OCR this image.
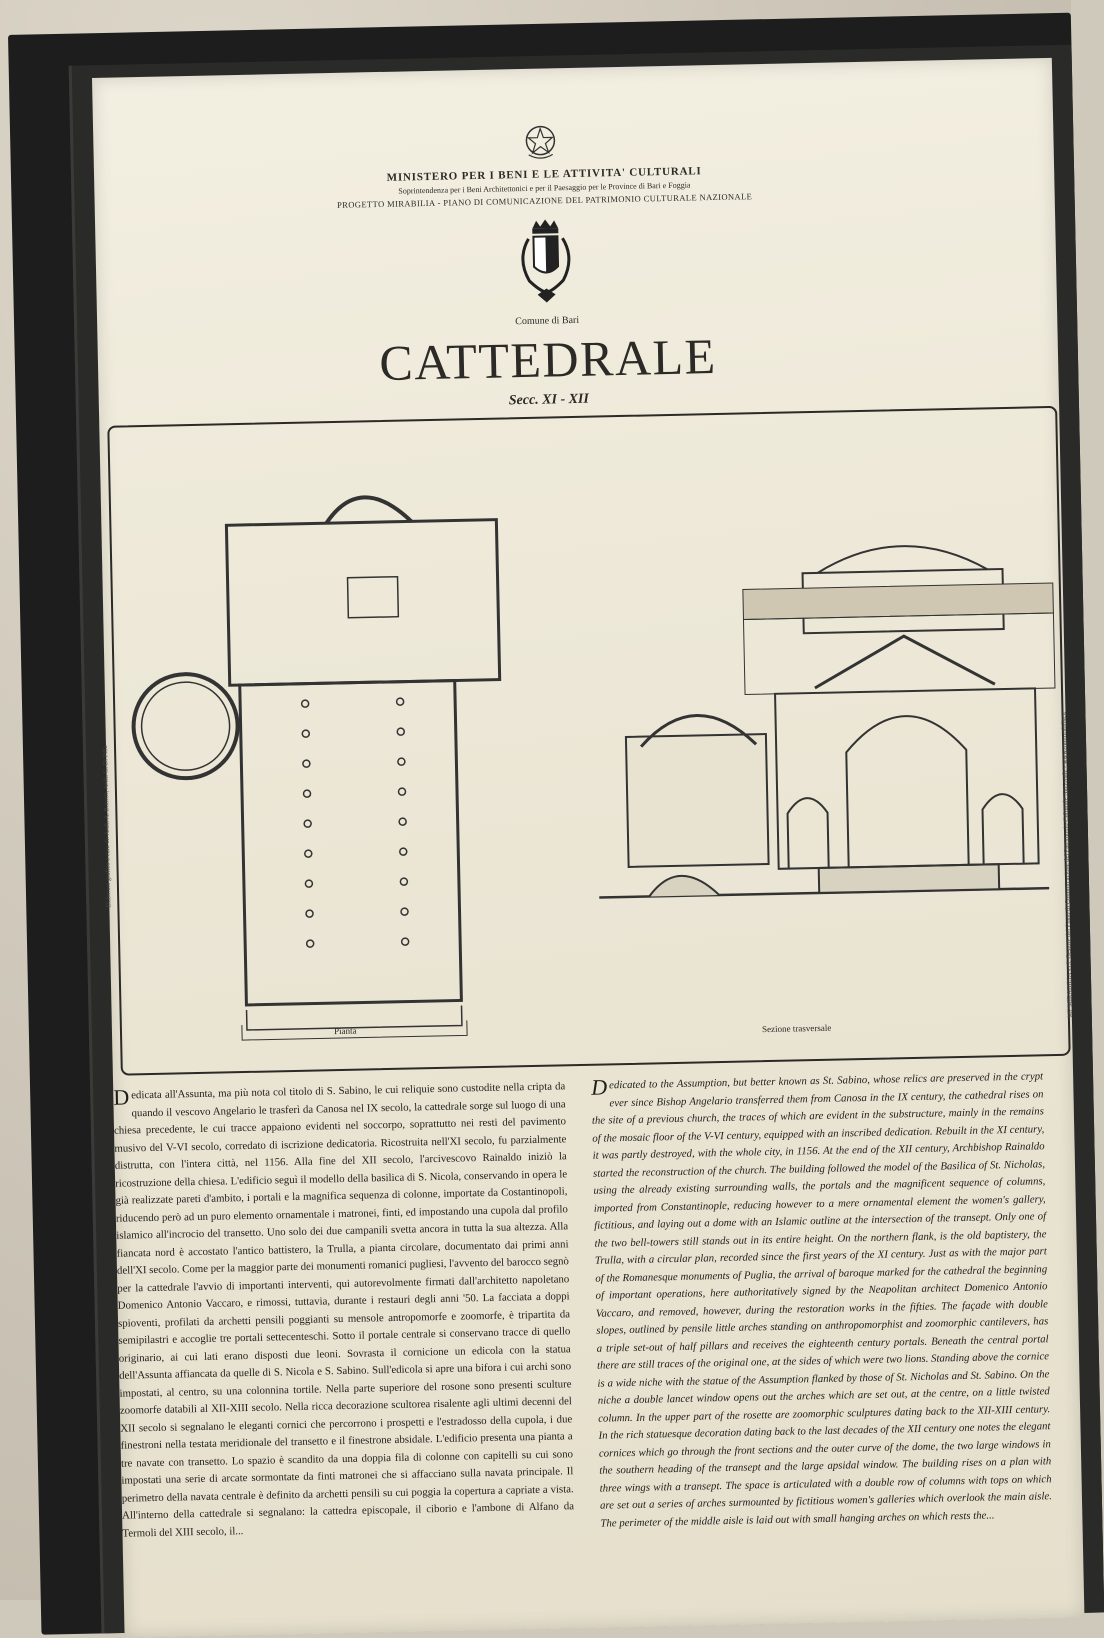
MINISTERO PER I BENI E LE ATTIVITA' CULTURALI
Soprintendenza per i Beni Architettonici e per il Paesaggio per le Province di Bari e Foggia
PROGETTO MIRABILIA - PIANO DI COMUNICAZIONE DEL PATRIMONIO CULTURALE NAZIONALE
Comune di Bari
CATTEDRALE
Secc. XI - XII
Pianta	Sezione trasversale
Elaborato grafico a cura di: Arch. A. Bonetti, Arch. G. Di Pilla	MP MIRABILIA s.r.l. Gestore del Piano di Comunicazione del Patrimonio Culturale Nazionale - www.mpmirabilia.it

Dedicata all'Assunta, ma più nota col titolo di S. Sabino, le cui reliquie sono custodite nella cripta da quando il vescovo Angelario le trasferì da Canosa nel IX secolo, la cattedrale sorge sul luogo di una chiesa precedente, le cui tracce appaiono evidenti nel soccorpo, soprattutto nei resti del pavimento musivo del V-VI secolo, corredato di iscrizione dedicatoria. Ricostruita nell'XI secolo, fu parzialmente distrutta, con l'intera città, nel 1156. Alla fine del XII secolo, l'arcivescovo Rainaldo iniziò la ricostruzione della chiesa. L'edificio seguì il modello della basilica di S. Nicola, conservando in opera le già realizzate pareti d'ambito, i portali e la magnifica sequenza di colonne, importate da Costantinopoli, riducendo però ad un puro elemento ornamentale i matronei, finti, ed impostando una cupola dal profilo islamico all'incrocio del transetto. Uno solo dei due campanili svetta ancora in tutta la sua altezza. Alla fiancata nord è accostato l'antico battistero, la Trulla, a pianta circolare, documentato dai primi anni dell'XI secolo. Come per la maggior parte dei monumenti romanici pugliesi, l'avvento del barocco segnò per la cattedrale l'avvio di importanti interventi, qui autorevolmente firmati dall'architetto napoletano Domenico Antonio Vaccaro, e rimossi, tuttavia, durante i restauri degli anni '50. La facciata a doppi spioventi, profilati da archetti pensili poggianti su mensole antropomorfe e zoomorfe, è tripartita da semipilastri e accoglie tre portali settecenteschi. Sotto il portale centrale si conservano tracce di quello originario, ai cui lati erano disposti due leoni. Sovrasta il cornicione un edicola con la statua dell'Assunta affiancata da quelle di S. Nicola e S. Sabino. Sull'edicola si apre una bifora i cui archi sono impostati, al centro, su una colonnina tortile. Nella parte superiore del rosone sono presenti sculture zoomorfe databili al XII-XIII secolo. Nella ricca decorazione scultorea risalente agli ultimi decenni del XII secolo si segnalano le eleganti cornici che percorrono i prospetti e l'estradosso della cupola, i due finestroni nella testata meridionale del transetto e il finestrone absidale. L'edificio presenta una pianta a tre navate con transetto. Lo spazio è scandito da una doppia fila di colonne con capitelli su cui sono impostati una serie di arcate sormontate da finti matronei che si affacciano sulla navata principale. Il perimetro della navata centrale è definito da archetti pensili su cui poggia la copertura a capriate a vista. All'interno della cattedrale si segnalano: la cattedra episcopale, il ciborio e l'ambone di Alfano da Termoli del XIII secolo, il...

Dedicated to the Assumption, but better known as St. Sabino, whose relics are preserved in the crypt ever since Bishop Angelario transferred them from Canosa in the IX century, the cathedral rises on the site of a previous church, the traces of which are evident in the substructure, mainly in the remains of the mosaic floor of the V-VI century, equipped with an inscribed dedication. Rebuilt in the XI century, it was partly destroyed, with the whole city, in 1156. At the end of the XII century, Archbishop Rainaldo started the reconstruction of the church. The building followed the model of the Basilica of St. Nicholas, using the already existing surrounding walls, the portals and the magnificent sequence of columns, imported from Constantinople, reducing however to a mere ornamental element the women's gallery, fictitious, and laying out a dome with an Islamic outline at the intersection of the transept. Only one of the two bell-towers still stands out in its entire height. On the northern flank, is the old baptistery, the Trulla, with a circular plan, recorded since the first years of the XI century. Just as with the major part of the Romanesque monuments of Puglia, the arrival of baroque marked for the cathedral the beginning of important operations, here authoritatively signed by the Neapolitan architect Domenico Antonio Vaccaro, and removed, however, during the restoration works in the fifties. The façade with double slopes, outlined by pensile little arches standing on anthropomorphist and zoomorphic cantilevers, has a triple set-out of half pillars and receives the eighteenth century portals. Beneath the central portal there are still traces of the original one, at the sides of which were two lions. Standing above the cornice is a wide niche with the statue of the Assumption flanked by those of St. Nicholas and St. Sabino. On the niche a double lancet window opens out the arches which are set out, at the centre, on a little twisted column. In the upper part of the rosette are zoomorphic sculptures dating back to the XII-XIII century. In the rich statuesque decoration dating back to the last decades of the XII century one notes the elegant cornices which go through the front sections and the outer curve of the dome, the two large windows in the southern heading of the transept and the large apsidal window. The building rises on a plan with three wings with a transept. The space is articulated with a double row of columns with tops on which are set out a series of arches surmounted by fictitious women's galleries which overlook the main aisle. The perimeter of the middle aisle is laid out with small hanging arches on which rests the...
